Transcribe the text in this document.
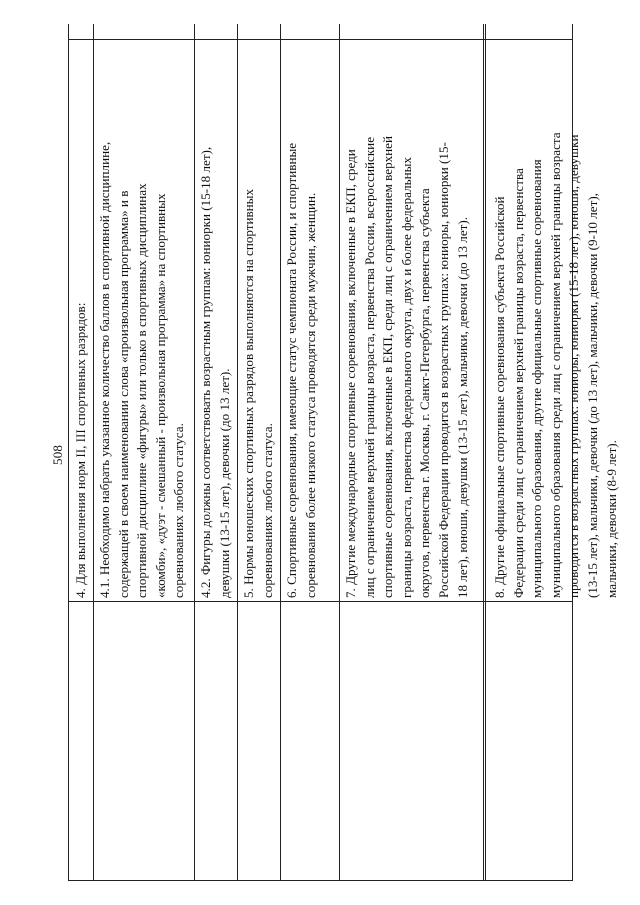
508 4. Для выполнения норм II, III спортивных разрядов: 4.1. Необходимо набрать указанное количество баллов в спортивной дисциплине,
содержащей в своем наименовании слова «произвольная программа» и в
спортивной дисциплине «фигуры» или только в спортивных дисциплинах
«комби», «дуэт - смешанный - произвольная программа» на спортивных
соревнованиях любого статуса.
4.2. Фигуры должны соответствовать возрастным группам: юниорки (15-18 лет),
девушки (13-15 лет), девочки (до 13 лет).
5. Нормы юношеских спортивных разрядов выполняются на спортивных
соревнованиях любого статуса.
6. Спортивные соревнования, имеющие статус чемпионата России, и спортивные
соревнования более низкого статуса проводятся среди мужчин, женщин.
7. Другие международные спортивные соревнования, включенные в ЕКП, среди
лиц с ограничением верхней границы возраста, первенства России, всероссийские
спортивные соревнования, включенные в ЕКП, среди лиц с ограничением верхней
границы возраста, первенства федерального округа, двух и более федеральных
округов, первенства г. Москвы, г. Санкт-Петербурга, первенства субъекта
Российской Федерации проводится в возрастных группах: юниоры, юниорки (15-
18 лет), юноши, девушки (13-15 лет), мальчики, девочки (до 13 лет).
8. Другие официальные спортивные соревнования субъекта Российской
Федерации среди лиц с ограничением верхней границы возраста, первенства
муниципального образования, другие официальные спортивные соревнования
муниципального образования среди лиц с ограничением верхней границы возраста
проводится в возрастных группах: юниоры, юниорки (15-18 лет), юноши, девушки
(13-15 лет), мальчики, девочки (до 13 лет), мальчики, девочки (9-10 лет),
мальчики, девочки (8-9 лет).
